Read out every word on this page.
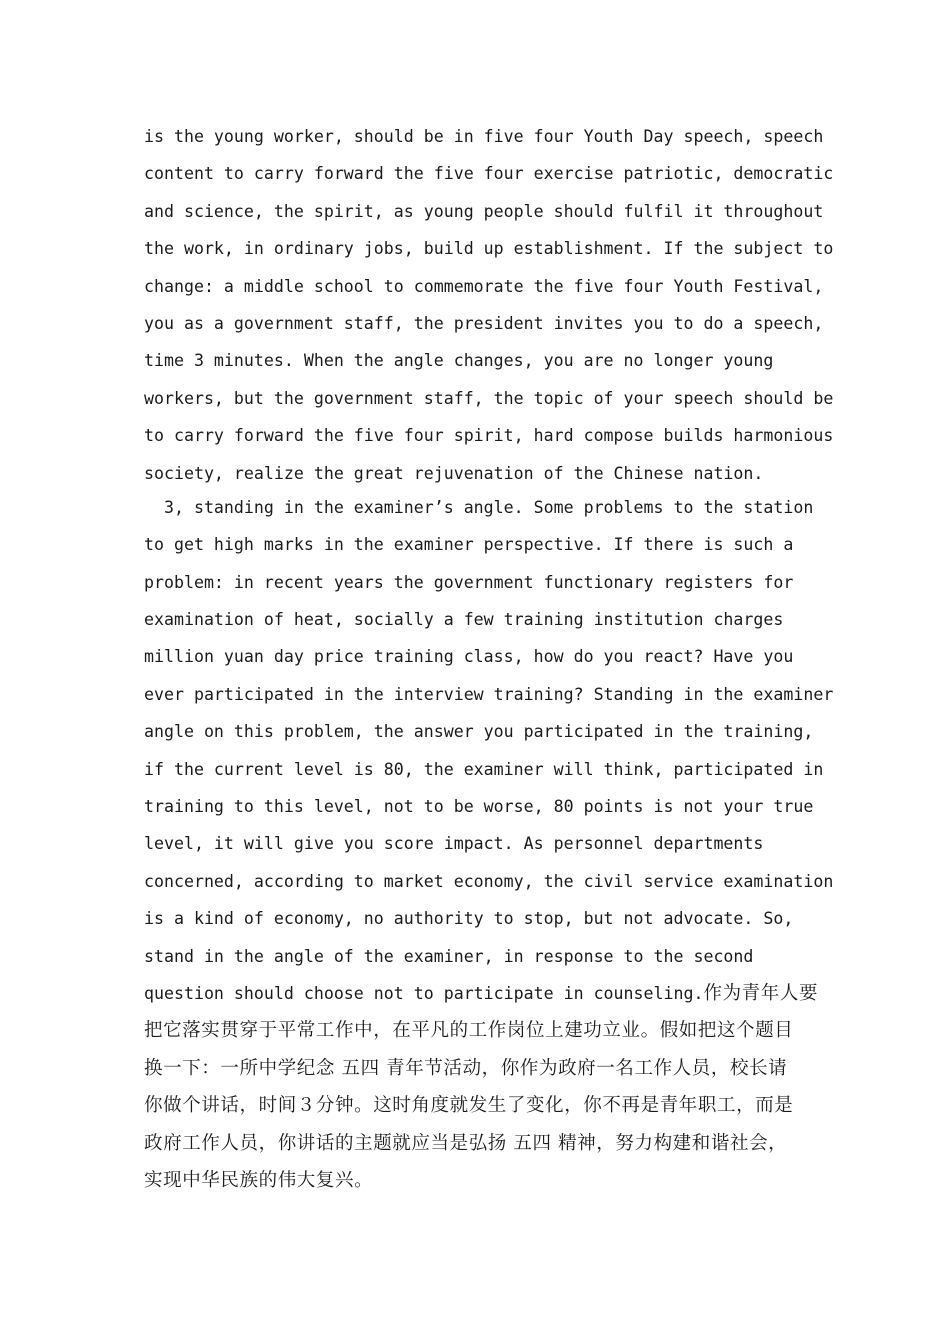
is the young worker, should be in five four Youth Day speech, speech
content to carry forward the five four exercise patriotic, democratic
and science, the spirit, as young people should fulfil it throughout
the work, in ordinary jobs, build up establishment. If the subject to
change: a middle school to commemorate the five four Youth Festival,
you as a government staff, the president invites you to do a speech,
time 3 minutes. When the angle changes, you are no longer young
workers, but the government staff, the topic of your speech should be
to carry forward the five four spirit, hard compose builds harmonious
society, realize the great rejuvenation of the Chinese nation.
3, standing in the examiner’s angle. Some problems to the station
to get high marks in the examiner perspective. If there is such a
problem: in recent years the government functionary registers for
examination of heat, socially a few training institution charges
million yuan day price training class, how do you react? Have you
ever participated in the interview training? Standing in the examiner
angle on this problem, the answer you participated in the training,
if the current level is 80, the examiner will think, participated in
training to this level, not to be worse, 80 points is not your true
level, it will give you score impact. As personnel departments
concerned, according to market economy, the civil service examination
is a kind of economy, no authority to stop, but not advocate. So,
stand in the angle of the examiner, in response to the second
question should choose not to participate in counseling.作为青年人要
把它落实贯穿于平常工作中，在平凡的工作岗位上建功立业。假如把这个题目
换一下：一所中学纪念 五四 青年节活动，你作为政府一名工作人员，校长请
你做个讲话，时间３分钟。这时角度就发生了变化，你不再是青年职工，而是
政府工作人员，你讲话的主题就应当是弘扬 五四 精神，努力构建和谐社会，
实现中华民族的伟大复兴。
